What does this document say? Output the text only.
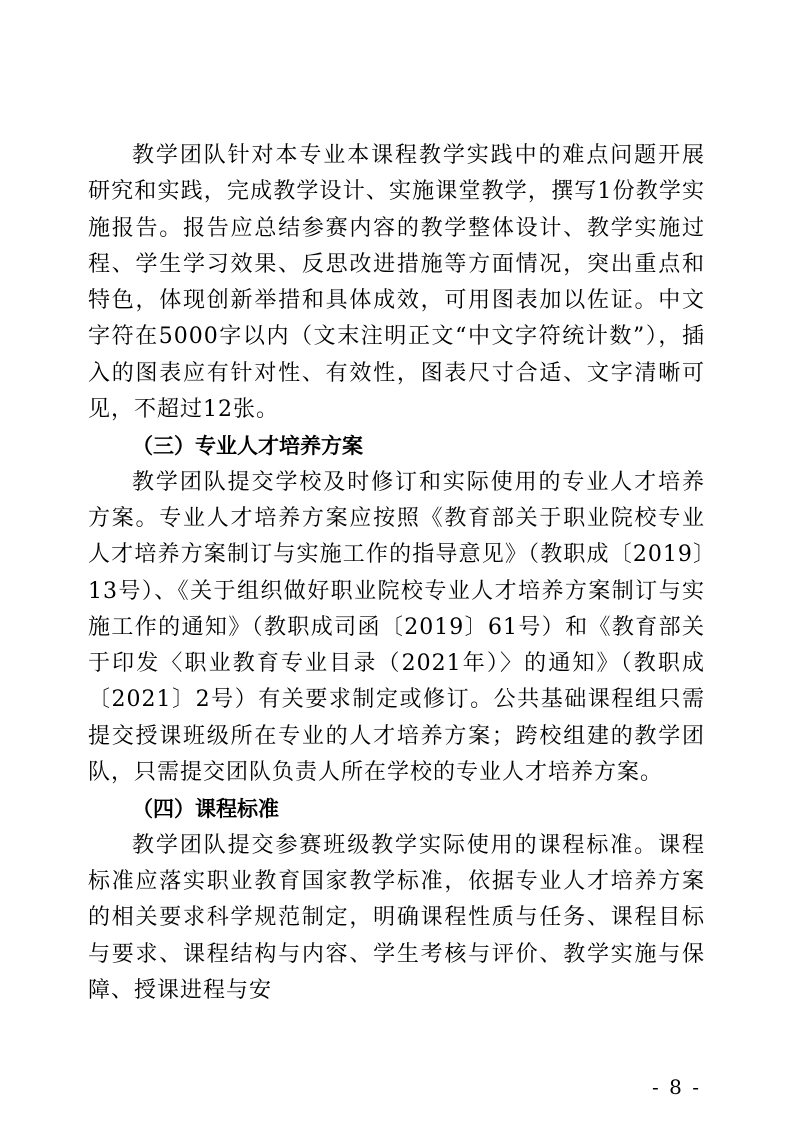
教学团队针对本专业本课程教学实践中的难点问题开展研究和实践，完成教学设计、实施课堂教学，撰写1份教学实施报告。报告应总结参赛内容的教学整体设计、教学实施过程、学生学习效果、反思改进措施等方面情况，突出重点和特色，体现创新举措和具体成效，可用图表加以佐证。中文字符在5000字以内（文末注明正文“中文字符统计数”），插入的图表应有针对性、有效性，图表尺寸合适、文字清晰可见，不超过12张。

（三）专业人才培养方案

教学团队提交学校及时修订和实际使用的专业人才培养方案。专业人才培养方案应按照《教育部关于职业院校专业人才培养方案制订与实施工作的指导意见》（教职成〔2019〕13号）、《关于组织做好职业院校专业人才培养方案制订与实施工作的通知》（教职成司函〔2019〕61号）和《教育部关于印发〈职业教育专业目录（2021年）〉的通知》（教职成〔2021〕2号）有关要求制定或修订。公共基础课程组只需提交授课班级所在专业的人才培养方案；跨校组建的教学团队，只需提交团队负责人所在学校的专业人才培养方案。

（四）课程标准

教学团队提交参赛班级教学实际使用的课程标准。课程标准应落实职业教育国家教学标准，依据专业人才培养方案的相关要求科学规范制定，明确课程性质与任务、课程目标与要求、课程结构与内容、学生考核与评价、教学实施与保障、授课进程与安

- 8 -
